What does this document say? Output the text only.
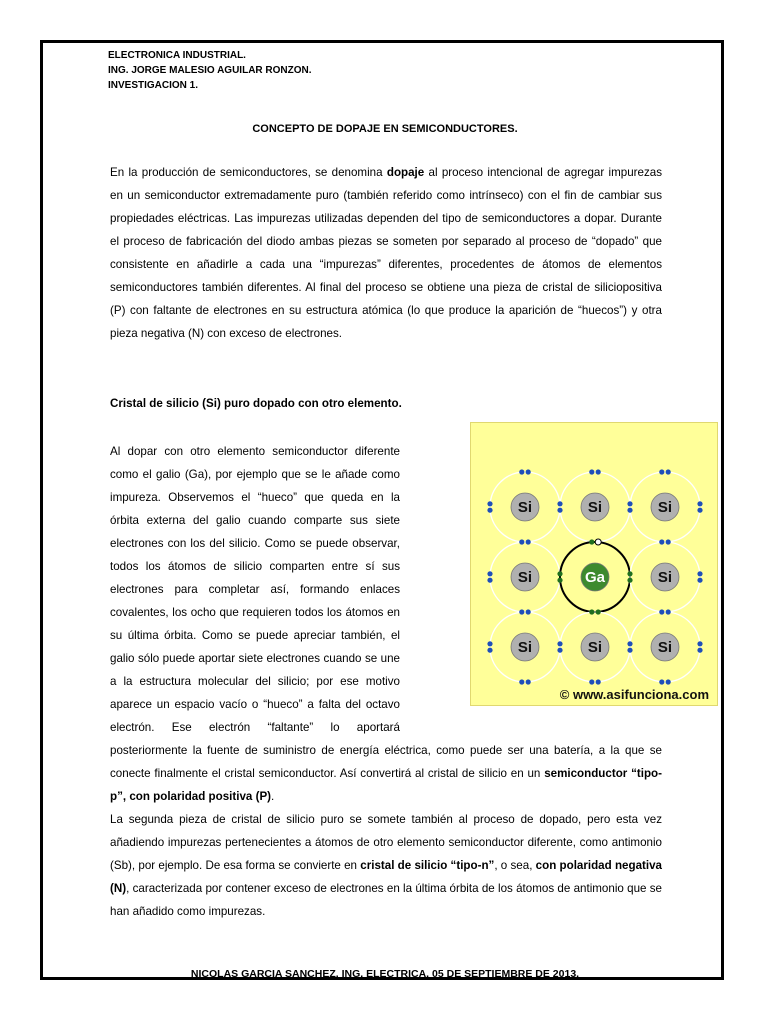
ELECTRONICA INDUSTRIAL.
ING. JORGE MALESIO AGUILAR RONZON.
INVESTIGACION 1.
CONCEPTO DE DOPAJE EN SEMICONDUCTORES.
En la producción de semiconductores, se denomina dopaje al proceso intencional de agregar impurezas en un semiconductor extremadamente puro (también referido como intrínseco) con el fin de cambiar sus propiedades eléctricas. Las impurezas utilizadas dependen del tipo de semiconductores a dopar. Durante el proceso de fabricación del diodo ambas piezas se someten por separado al proceso de “dopado” que consistente en añadirle a cada una “impurezas” diferentes, procedentes de átomos de elementos semiconductores también diferentes. Al final del proceso se obtiene una pieza de cristal de siliciopositiva (P) con faltante de electrones en su estructura atómica (lo que produce la aparición de “huecos”) y otra pieza negativa (N) con exceso de electrones.
Cristal de silicio (Si) puro dopado con otro elemento.
Al dopar con otro elemento semiconductor diferente como el galio (Ga), por ejemplo que se le añade como impureza. Observemos el “hueco” que queda en la órbita externa del galio cuando comparte sus siete electrones con los del silicio. Como se puede observar, todos los átomos de silicio comparten entre sí sus electrones para completar así, formando enlaces covalentes, los ocho que requieren todos los átomos en su última órbita. Como se puede apreciar también, el galio sólo puede aportar siete electrones cuando se une a la estructura molecular del silicio; por ese motivo aparece un espacio vacío o “hueco” a falta del octavo electrón. Ese electrón “faltante” lo aportará posteriormente la fuente de suministro de energía eléctrica, como puede ser una batería, a la que se conecte finalmente el cristal semiconductor. Así convertirá al cristal de silicio en un semiconductor “tipo-p”, con polaridad positiva (P).
La segunda pieza de cristal de silicio puro se somete también al proceso de dopado, pero esta vez añadiendo impurezas pertenecientes a átomos de otro elemento semiconductor diferente, como antimonio (Sb), por ejemplo. De esa forma se convierte en cristal de silicio “tipo-n”, o sea, con polaridad negativa (N), caracterizada por contener exceso de electrones en la última órbita de los átomos de antimonio que se han añadido como impurezas.
NICOLAS GARCIA SANCHEZ. ING. ELECTRICA. 05 DE SEPTIEMBRE DE 2013.
Si	Si	Si
Si	Ga	Si
Si	Si	Si
© www.asifunciona.com
